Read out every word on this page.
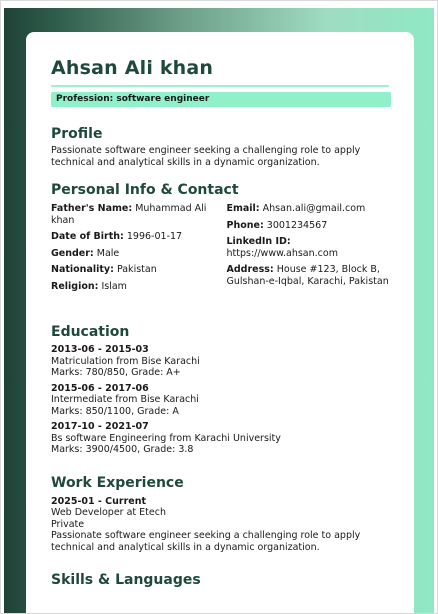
Ahsan Ali khan
Profession: software engineer
Profile
Passionate software engineer seeking a challenging role to apply technical and analytical skills in a dynamic organization.
Personal Info & Contact
Father's Name: Muhammad Ali khan
Date of Birth: 1996-01-17
Gender: Male
Nationality: Pakistan
Religion: Islam
Email: Ahsan.ali@gmail.com
Phone: 3001234567
LinkedIn ID:
https://www.ahsan.com
Address: House #123, Block B, Gulshan-e-Iqbal, Karachi, Pakistan
Education
2013-06 - 2015-03
Matriculation from Bise Karachi
Marks: 780/850, Grade: A+
2015-06 - 2017-06
Intermediate from Bise Karachi
Marks: 850/1100, Grade: A
2017-10 - 2021-07
Bs software Engineering from Karachi University
Marks: 3900/4500, Grade: 3.8
Work Experience
2025-01 - Current
Web Developer at Etech
Private
Passionate software engineer seeking a challenging role to apply technical and analytical skills in a dynamic organization.
Skills & Languages
